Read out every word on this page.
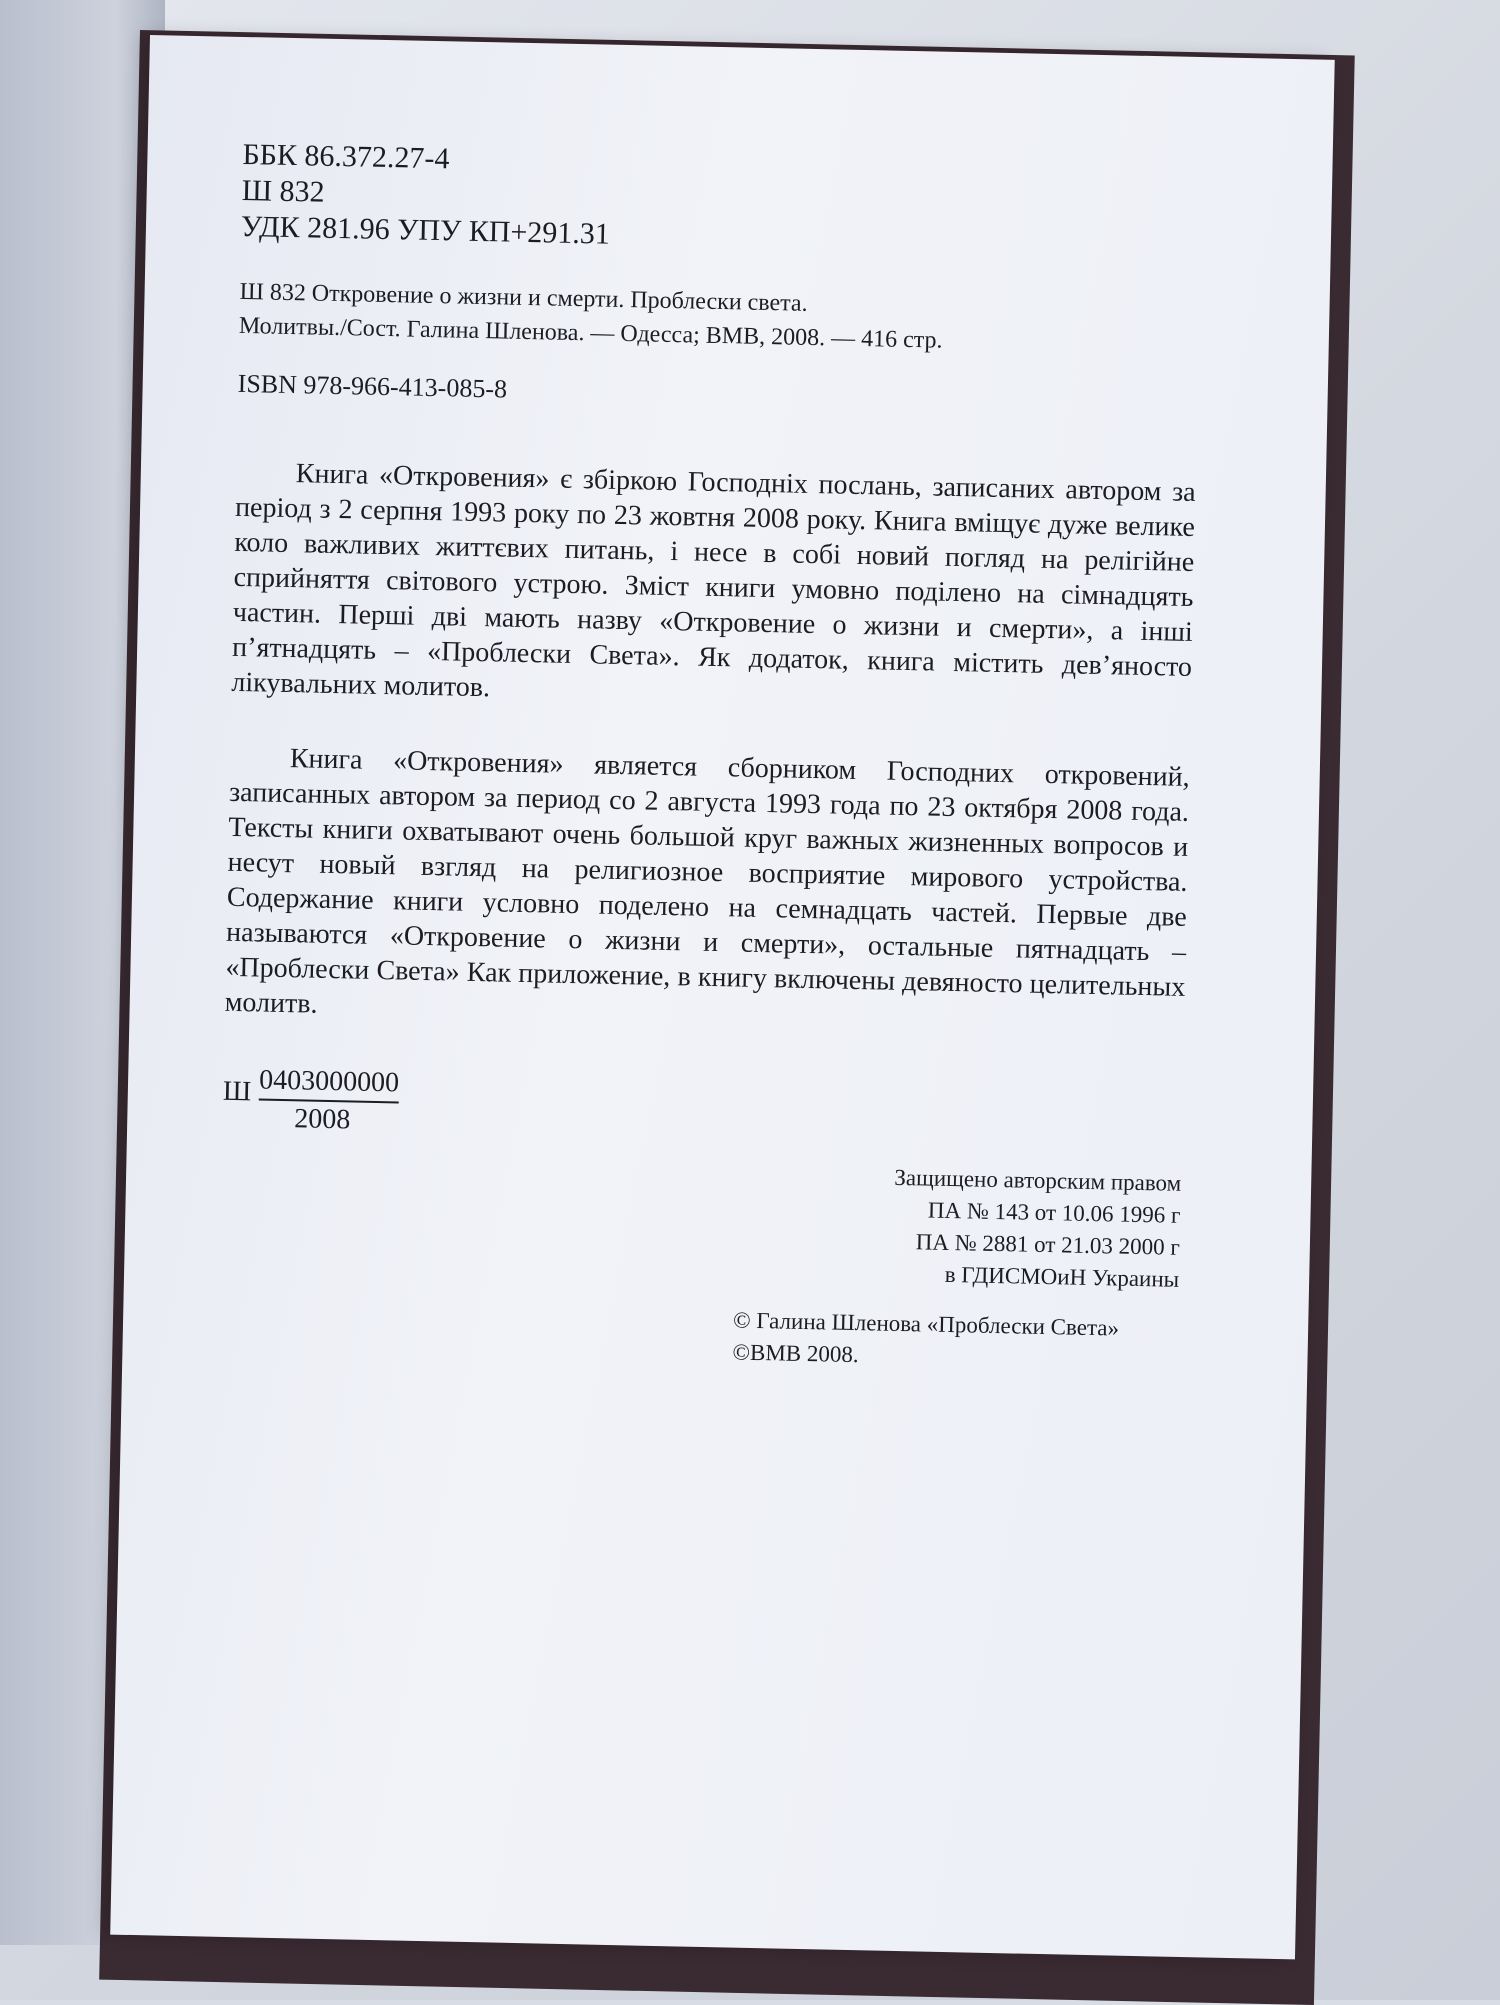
ББК 86.372.27-4
Ш 832
УДК 281.96 УПУ КП+291.31
Ш 832 Откровение о жизни и смерти. Проблески света.
Молитвы./Сост. Галина Шленова. — Одесса; ВМВ, 2008. — 416 стр.
ISBN 978-966-413-085-8
Книга «Откровения» є збіркою Господніх послань, записаних автором за період з 2 серпня 1993 року по 23 жовтня 2008 року. Книга вміщує дуже велике коло важливих життєвих питань, і несе в собі новий погляд на релігійне сприйняття світового устрою. Зміст книги умовно поділено на сімнадцять частин. Перші дві мають назву «Откровение о жизни и смерти», а інші п’ятнадцять – «Проблески Света». Як додаток, книга містить дев’яносто лікувальних молитов.
Книга «Откровения» является сборником Господних откровений, записанных автором за период со 2 августа 1993 года по 23 октября 2008 года. Тексты книги охватывают очень большой круг важных жизненных вопросов и несут новый взгляд на религиозное восприятие мирового устройства. Содержание книги условно поделено на семнадцать частей. Первые две называются «Откровение о жизни и смерти», остальные пятнадцать – «Проблески Света» Как приложение, в книгу включены девяносто целительных молитв.
Ш 0403000000
2008
Защищено авторским правом
ПА № 143 от 10.06 1996 г
ПА № 2881 от 21.03 2000 г
в ГДИСМОиН Украины
© Галина Шленова «Проблески Света»
©ВМВ 2008.
